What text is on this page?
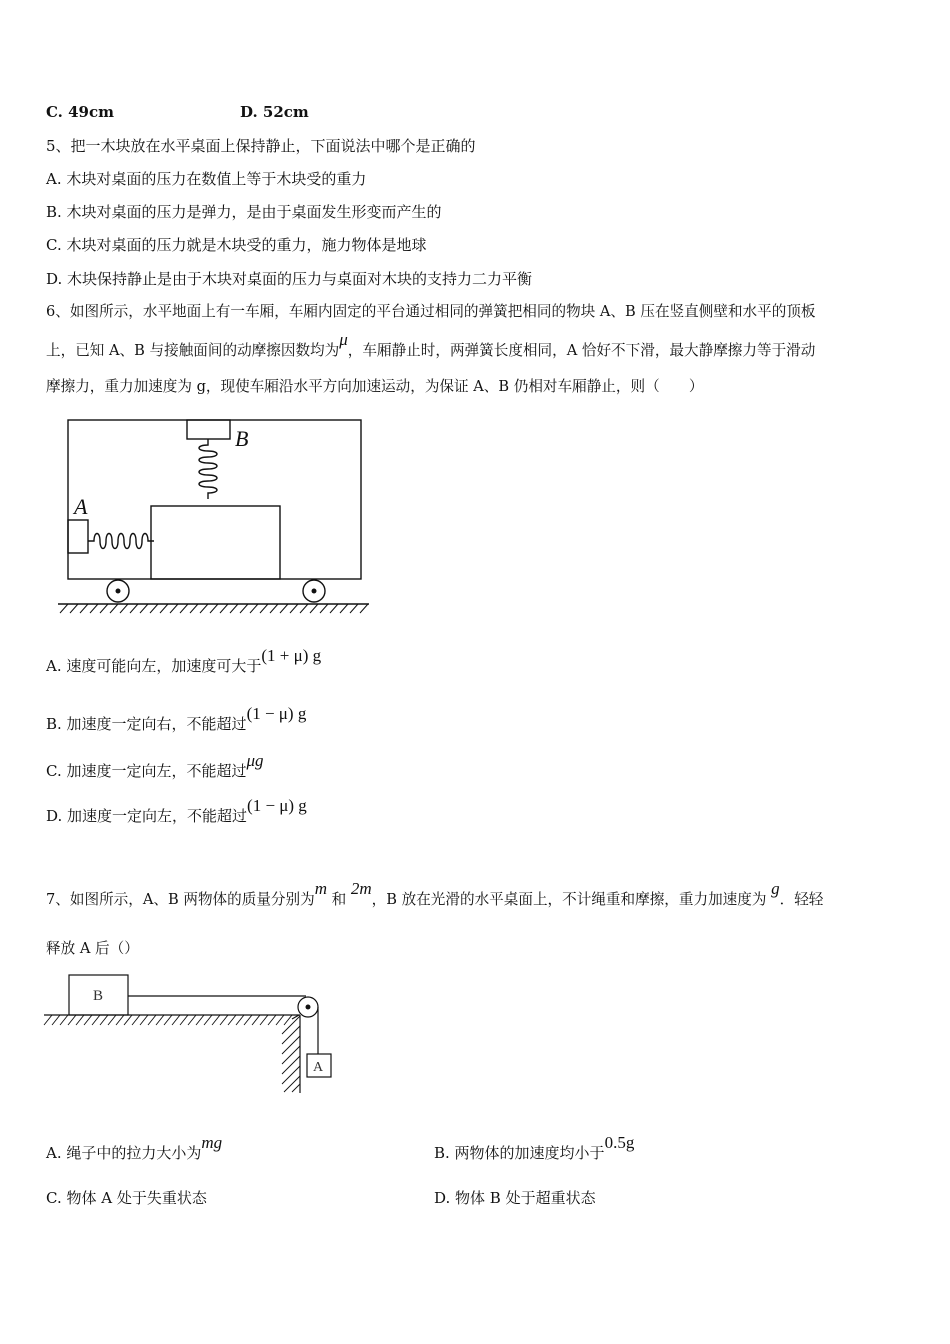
C. 49cm	D. 52cm
5、把一木块放在水平桌面上保持静止，下面说法中哪个是正确的
A. 木块对桌面的压力在数值上等于木块受的重力
B. 木块对桌面的压力是弹力，是由于桌面发生形变而产生的
C. 木块对桌面的压力就是木块受的重力，施力物体是地球
D. 木块保持静止是由于木块对桌面的压力与桌面对木块的支持力二力平衡
6、如图所示，水平地面上有一车厢，车厢内固定的平台通过相同的弹簧把相同的物块 A、B 压在竖直侧壁和水平的顶板
上，已知 A、B 与接触面间的动摩擦因数均为μ，车厢静止时，两弹簧长度相同，A 恰好不下滑，最大静摩擦力等于滑动
摩擦力，重力加速度为 g，现使车厢沿水平方向加速运动，为保证 A、B 仍相对车厢静止，则（　　）
B
A
A. 速度可能向左，加速度可大于(1 + μ) g
B. 加速度一定向右，不能超过(1 − μ) g
C. 加速度一定向左，不能超过μg
D. 加速度一定向左，不能超过(1 − μ) g
7、如图所示，A、B 两物体的质量分别为m 和 2m，B 放在光滑的水平桌面上，不计绳重和摩擦，重力加速度为 g．轻轻
释放 A 后（）
B
A
A. 绳子中的拉力大小为mg
B. 两物体的加速度均小于0.5g
C. 物体 A 处于失重状态	D. 物体 B 处于超重状态
